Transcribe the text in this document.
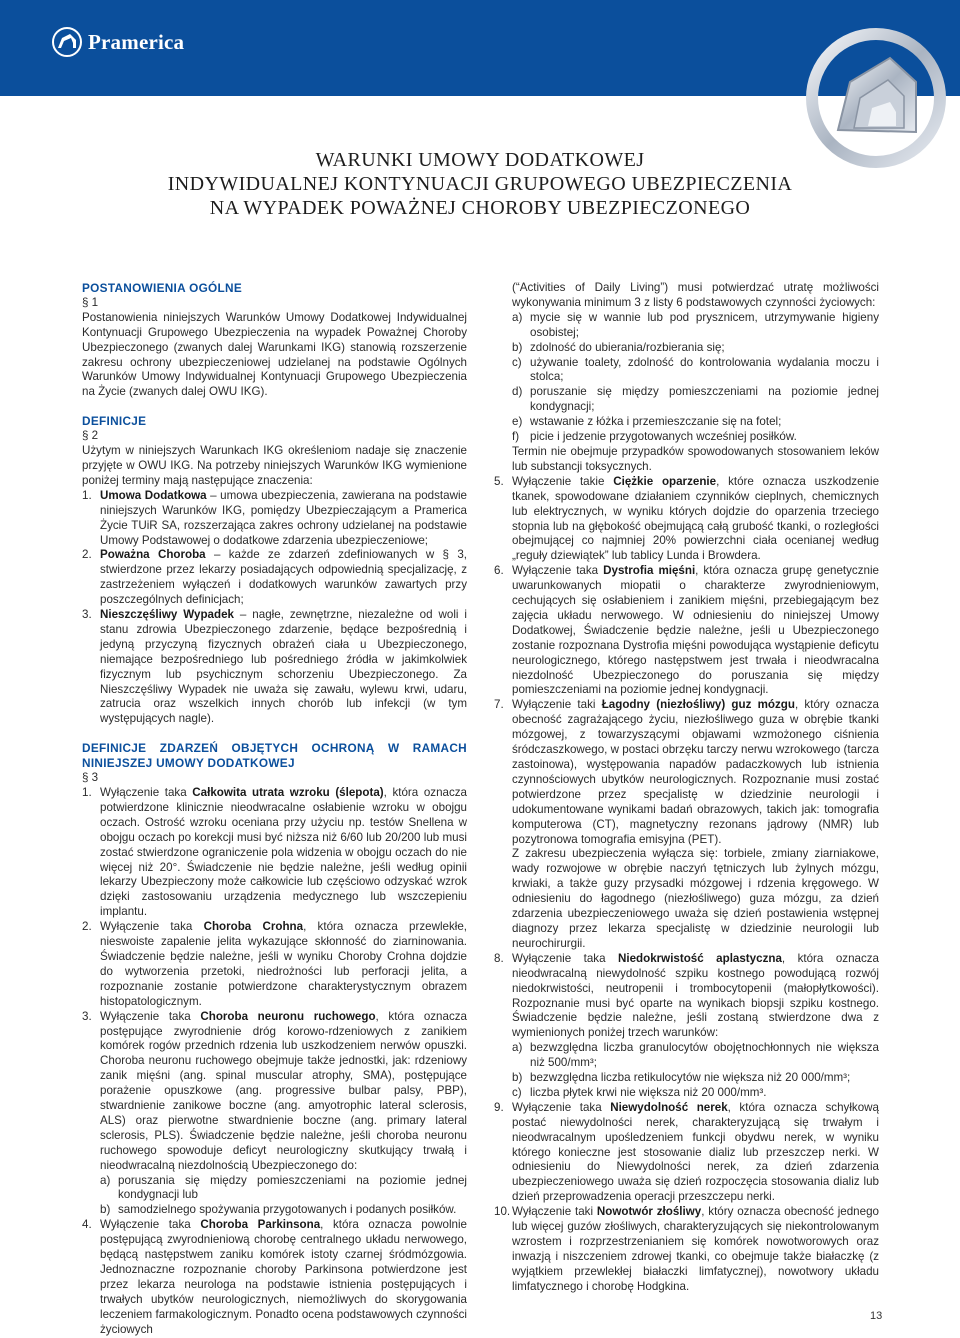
Pramerica
WARUNKI UMOWY DODATKOWEJ
INDYWIDUALNEJ KONTYNUACJI GRUPOWEGO UBEZPIECZENIA
NA WYPADEK POWAŻNEJ CHOROBY UBEZPIECZONEGO

POSTANOWIENIA OGÓLNE

§ 1

Postanowienia niniejszych Warunków Umowy Dodatkowej Indywidualnej Kontynuacji Grupowego Ubezpieczenia na wypadek Poważnej Choroby Ubezpieczonego (zwanych dalej Warunkami IKG) stanowią rozszerzenie zakresu ochrony ubezpieczeniowej udzielanej na podstawie Ogólnych Warunków Umowy Indywidualnej Kontynuacji Grupowego Ubezpieczenia na Życie (zwanych dalej OWU IKG).

DEFINICJE

§ 2

Użytym w niniejszych Warunkach IKG określeniom nadaje się znaczenie przyjęte w OWU IKG. Na potrzeby niniejszych Warunków IKG wymienione poniżej terminy mają następujące znaczenia:

1. Umowa Dodatkowa – umowa ubezpieczenia, zawierana na podstawie niniejszych Warunków IKG, pomiędzy Ubezpieczającym a Pramerica Życie TUiR SA, rozszerzająca zakres ochrony udzielanej na podstawie Umowy Podstawowej o dodatkowe zdarzenia ubezpieczeniowe;
2. Poważna Choroba – każde ze zdarzeń zdefiniowanych w § 3, stwierdzone przez lekarzy posiadających odpowiednią specjalizację, z zastrzeżeniem wyłączeń i dodatkowych warunków zawartych przy poszczególnych definicjach;
3. Nieszczęśliwy Wypadek – nagłe, zewnętrzne, niezależne od woli i stanu zdrowia Ubezpieczonego zdarzenie, będące bezpośrednią i jedyną przyczyną fizycznych obrażeń ciała u Ubezpieczonego, niemające bezpośredniego lub pośredniego źródła w jakimkolwiek fizycznym lub psychicznym schorzeniu Ubezpieczonego. Za Nieszczęśliwy Wypadek nie uważa się zawału, wylewu krwi, udaru, zatrucia oraz wszelkich innych chorób lub infekcji (w tym występujących nagle).

DEFINICJE ZDARZEŃ OBJĘTYCH OCHRONĄ W RAMACH NINIEJSZEJ UMOWY DODATKOWEJ

§ 3

1. Wyłączenie taka Całkowita utrata wzroku (ślepota), która oznacza potwierdzone klinicznie nieodwracalne osłabienie wzroku w obojgu oczach. Ostrość wzroku oceniana przy użyciu np. testów Snellena w obojgu oczach po korekcji musi być niższa niż 6/60 lub 20/200 lub musi zostać stwierdzone ograniczenie pola widzenia w obojgu oczach do nie więcej niż 20°. Świadczenie nie będzie należne, jeśli według opinii lekarzy Ubezpieczony może całkowicie lub częściowo odzyskać wzrok dzięki zastosowaniu urządzenia medycznego lub wszczepieniu implantu.
2. Wyłączenie taka Choroba Crohna, która oznacza przewlekłe, nieswoiste zapalenie jelita wykazujące skłonność do ziarninowania. Świadczenie będzie należne, jeśli w wyniku Choroby Crohna dojdzie do wytworzenia przetoki, niedrożności lub perforacji jelita, a rozpoznanie zostanie potwierdzone charakterystycznym obrazem histopatologicznym.
3. Wyłączenie taka Choroba neuronu ruchowego, która oznacza postępujące zwyrodnienie dróg korowo-rdzeniowych z zanikiem komórek rogów przednich rdzenia lub uszkodzeniem nerwów opuszki. Choroba neuronu ruchowego obejmuje także jednostki, jak: rdzeniowy zanik mięśni (ang. spinal muscular atrophy, SMA), postępujące porażenie opuszkowe (ang. progressive bulbar palsy, PBP), stwardnienie zanikowe boczne (ang. amyotrophic lateral sclerosis, ALS) oraz pierwotne stwardnienie boczne (ang. primary lateral sclerosis, PLS). Świadczenie będzie należne, jeśli choroba neuronu ruchowego spowoduje deficyt neurologiczny skutkujący trwałą i nieodwracalną niezdolnością Ubezpieczonego do:
a) poruszania się między pomieszczeniami na poziomie jednej kondygnacji lub
b) samodzielnego spożywania przygotowanych i podanych posiłków.
4. Wyłączenie taka Choroba Parkinsona, która oznacza powolnie postępującą zwyrodnieniową chorobę centralnego układu nerwowego, będącą następstwem zaniku komórek istoty czarnej śródmózgowia. Jednoznaczne rozpoznanie choroby Parkinsona potwierdzone jest przez lekarza neurologa na podstawie istnienia postępujących i trwałych ubytków neurologicznych, niemożliwych do skorygowania leczeniem farmakologicznym. Ponadto ocena podstawowych czynności życiowych

(“Activities of Daily Living”) musi potwierdzać utratę możliwości wykonywania minimum 3 z listy 6 podstawowych czynności życiowych:

a) mycie się w wannie lub pod prysznicem, utrzymywanie higieny osobistej;
b) zdolność do ubierania/rozbierania się;
c) używanie toalety, zdolność do kontrolowania wydalania moczu i stolca;
d) poruszanie się między pomieszczeniami na poziomie jednej kondygnacji;
e) wstawanie z łóżka i przemieszczanie się na fotel;
f) picie i jedzenie przygotowanych wcześniej posiłków.

Termin nie obejmuje przypadków spowodowanych stosowaniem leków lub substancji toksycznych.

5. Wyłączenie takie Ciężkie oparzenie, które oznacza uszkodzenie tkanek, spowodowane działaniem czynników cieplnych, chemicznych lub elektrycznych, w wyniku których dojdzie do oparzenia trzeciego stopnia lub na głębokość obejmującą całą grubość tkanki, o rozległości obejmującej co najmniej 20% powierzchni ciała ocenianej według „reguły dziewiątek” lub tablicy Lunda i Browdera.
6. Wyłączenie taka Dystrofia mięśni, która oznacza grupę genetycznie uwarunkowanych miopatii o charakterze zwyrodnieniowym, cechujących się osłabieniem i zanikiem mięśni, przebiegającym bez zajęcia układu nerwowego. W odniesieniu do niniejszej Umowy Dodatkowej, Świadczenie będzie należne, jeśli u Ubezpieczonego zostanie rozpoznana Dystrofia mięśni powodująca wystąpienie deficytu neurologicznego, którego następstwem jest trwała i nieodwracalna niezdolność Ubezpieczonego do poruszania się między pomieszczeniami na poziomie jednej kondygnacji.
7. Wyłączenie taki Łagodny (niezłośliwy) guz mózgu, który oznacza obecność zagrażającego życiu, niezłośliwego guza w obrębie tkanki mózgowej, z towarzyszącymi objawami wzmożonego ciśnienia śródczaszkowego, w postaci obrzęku tarczy nerwu wzrokowego (tarcza zastoinowa), występowania napadów padaczkowych lub istnienia czynnościowych ubytków neurologicznych. Rozpoznanie musi zostać potwierdzone przez specjalistę w dziedzinie neurologii i udokumentowane wynikami badań obrazowych, takich jak: tomografia komputerowa (CT), magnetyczny rezonans jądrowy (NMR) lub pozytronowa tomografia emisyjna (PET).

Z zakresu ubezpieczenia wyłącza się: torbiele, zmiany ziarniakowe, wady rozwojowe w obrębie naczyń tętniczych lub żylnych mózgu, krwiaki, a także guzy przysadki mózgowej i rdzenia kręgowego. W odniesieniu do łagodnego (niezłośliwego) guza mózgu, za dzień zdarzenia ubezpieczeniowego uważa się dzień postawienia wstępnej diagnozy przez lekarza specjalistę w dziedzinie neurologii lub neurochirurgii.

8. Wyłączenie taka Niedokrwistość aplastyczna, która oznacza nieodwracalną niewydolność szpiku kostnego powodującą rozwój niedokrwistości, neutropenii i trombocytopenii (małopłytkowości). Rozpoznanie musi być oparte na wynikach biopsji szpiku kostnego. Świadczenie będzie należne, jeśli zostaną stwierdzone dwa z wymienionych poniżej trzech warunków:
a) bezwzględna liczba granulocytów obojętnochłonnych nie większa niż 500/mm³;
b) bezwzględna liczba retikulocytów nie większa niż 20 000/mm³;
c) liczba płytek krwi nie większa niż 20 000/mm³.
9. Wyłączenie taka Niewydolność nerek, która oznacza schyłkową postać niewydolności nerek, charakteryzującą się trwałym i nieodwracalnym upośledzeniem funkcji obydwu nerek, w wyniku którego konieczne jest stosowanie dializ lub przeszczep nerki. W odniesieniu do Niewydolności nerek, za dzień zdarzenia ubezpieczeniowego uważa się dzień rozpoczęcia stosowania dializ lub dzień przeprowadzenia operacji przeszczepu nerki.
10. Wyłączenie taki Nowotwór złośliwy, który oznacza obecność jednego lub więcej guzów złośliwych, charakteryzujących się niekontrolowanym wzrostem i rozprzestrzenianiem się komórek nowotworowych oraz inwazją i niszczeniem zdrowej tkanki, co obejmuje także białaczkę (z wyjątkiem przewlekłej białaczki limfatycznej), nowotwory układu limfatycznego i chorobę Hodgkina.
13
